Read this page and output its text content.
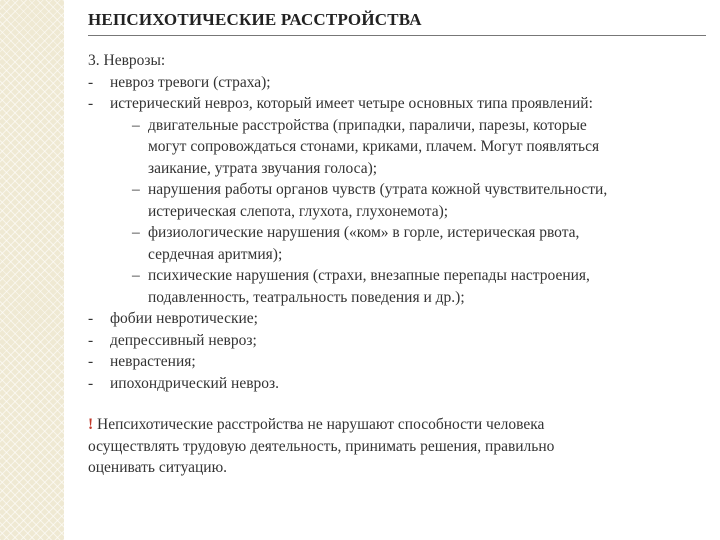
НЕПСИХОТИЧЕСКИЕ РАССТРОЙСТВА
3. Неврозы:
-	невроз тревоги (страха);
-	истерический невроз, который имеет четыре основных типа проявлений:
– двигательные расстройства (припадки, параличи, парезы, которые
могут сопровождаться стонами, криками, плачем. Могут появляться
заикание, утрата звучания голоса);
– нарушения работы органов чувств (утрата кожной чувствительности,
истерическая слепота, глухота, глухонемота);
– физиологические нарушения («ком» в горле, истерическая рвота,
сердечная аритмия);
– психические нарушения (страхи, внезапные перепады настроения,
подавленность, театральность поведения и др.);
-	фобии невротические;
-	депрессивный невроз;
-	неврастения;
-	ипохондрический невроз.
! Непсихотические расстройства не нарушают способности человека
осуществлять трудовую деятельность, принимать решения, правильно
оценивать ситуацию.
